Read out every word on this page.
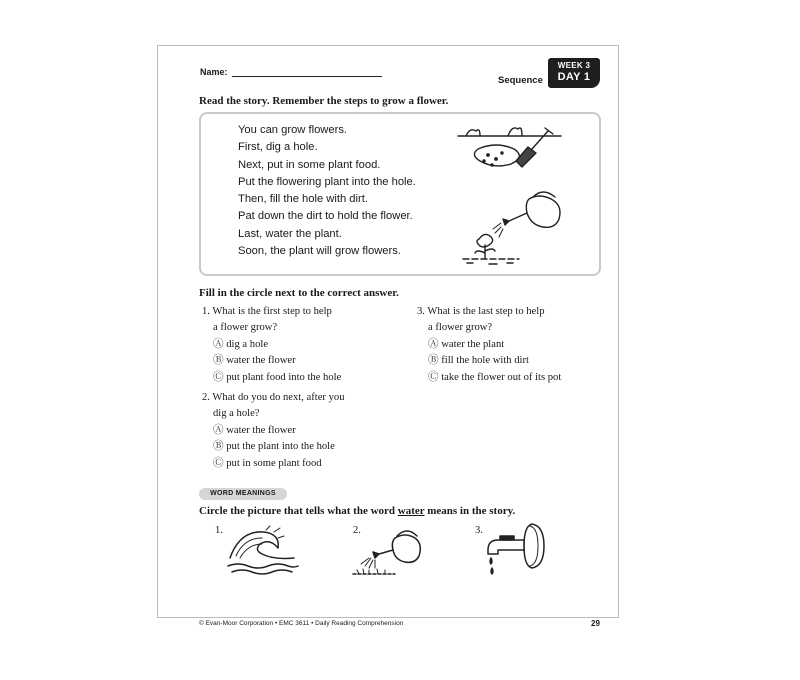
Name:
Sequence
WEEK 3
DAY 1
Read the story. Remember the steps to grow a flower.
You can grow flowers.
First, dig a hole.
Next, put in some plant food.
Put the flowering plant into the hole.
Then, fill the hole with dirt.
Pat down the dirt to hold the flower.
Last, water the plant.
Soon, the plant will grow flowers.
Fill in the circle next to the correct answer.
1. What is the first step to help
a flower grow?
Ⓐ dig a hole
Ⓑ water the flower
Ⓒ put plant food into the hole
2. What do you do next, after you
dig a hole?
Ⓐ water the flower
Ⓑ put the plant into the hole
Ⓒ put in some plant food
3. What is the last step to help
a flower grow?
Ⓐ water the plant
Ⓑ fill the hole with dirt
Ⓒ take the flower out of its pot
WORD MEANINGS
Circle the picture that tells what the word water means in the story.
1.	2.	3.
© Evan-Moor Corporation • EMC 3611 • Daily Reading Comprehension	29
